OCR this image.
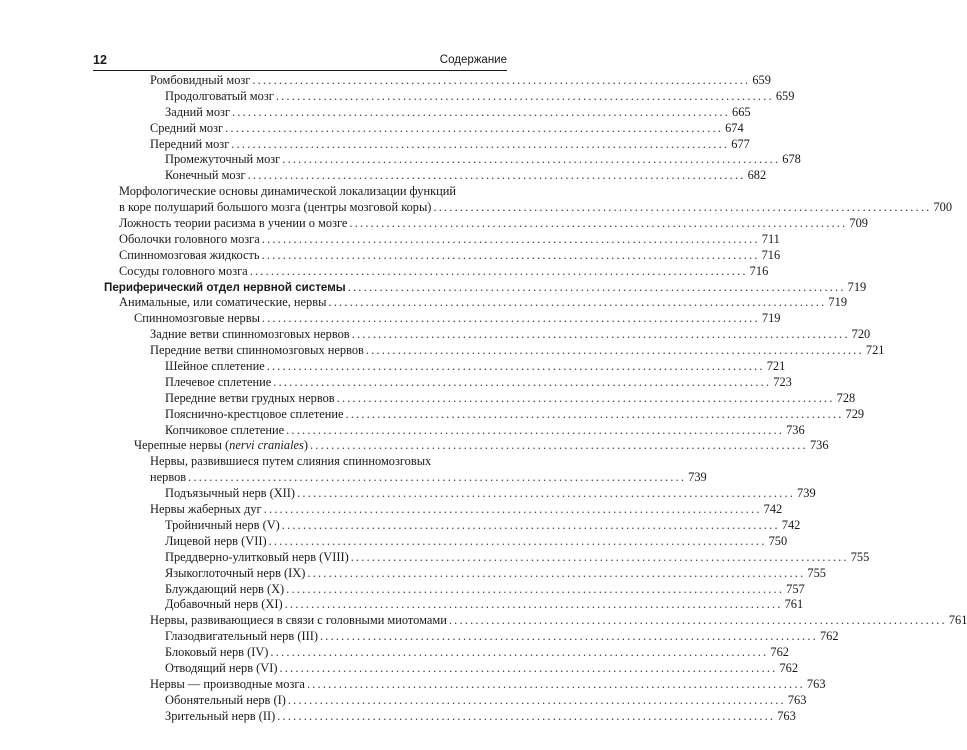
12	Содержание
Ромбовидный мозг .............................................................................................. 659
Продолговатый мозг .............................................................................................. 659
Задний мозг .............................................................................................. 665
Средний мозг .............................................................................................. 674
Передний мозг .............................................................................................. 677
Промежуточный мозг .............................................................................................. 678
Конечный мозг .............................................................................................. 682
Морфологические основы динамической локализации функций
в коре полушарий большого мозга (центры мозговой коры) .............................................................................................. 700
Ложность теории расизма в учении о мозге .............................................................................................. 709
Оболочки головного мозга .............................................................................................. 711
Спинномозговая жидкость .............................................................................................. 716
Сосуды головного мозга .............................................................................................. 716
Периферический отдел нервной системы .............................................................................................. 719
Анимальные, или соматические, нервы .............................................................................................. 719
Спинномозговые нервы .............................................................................................. 719
Задние ветви спинномозговых нервов .............................................................................................. 720
Передние ветви спинномозговых нервов .............................................................................................. 721
Шейное сплетение .............................................................................................. 721
Плечевое сплетение .............................................................................................. 723
Передние ветви грудных нервов .............................................................................................. 728
Пояснично-крестцовое сплетение .............................................................................................. 729
Копчиковое сплетение .............................................................................................. 736
Черепные нервы (nervi craniales) .............................................................................................. 736
Нервы, развившиеся путем слияния спинномозговых
нервов .............................................................................................. 739
Подъязычный нерв (XII) .............................................................................................. 739
Нервы жаберных дуг .............................................................................................. 742
Тройничный нерв (V) .............................................................................................. 742
Лицевой нерв (VII) .............................................................................................. 750
Преддверно-улитковый нерв (VIII) .............................................................................................. 755
Языкоглоточный нерв (IX) .............................................................................................. 755
Блуждающий нерв (X) .............................................................................................. 757
Добавочный нерв (XI) .............................................................................................. 761
Нервы, развивающиеся в связи с головными миотомами .............................................................................................. 761
Глазодвигательный нерв (III) .............................................................................................. 762
Блоковый нерв (IV) .............................................................................................. 762
Отводящий нерв (VI) .............................................................................................. 762
Нервы — производные мозга .............................................................................................. 763
Обонятельный нерв (I) .............................................................................................. 763
Зрительный нерв (II) .............................................................................................. 763
